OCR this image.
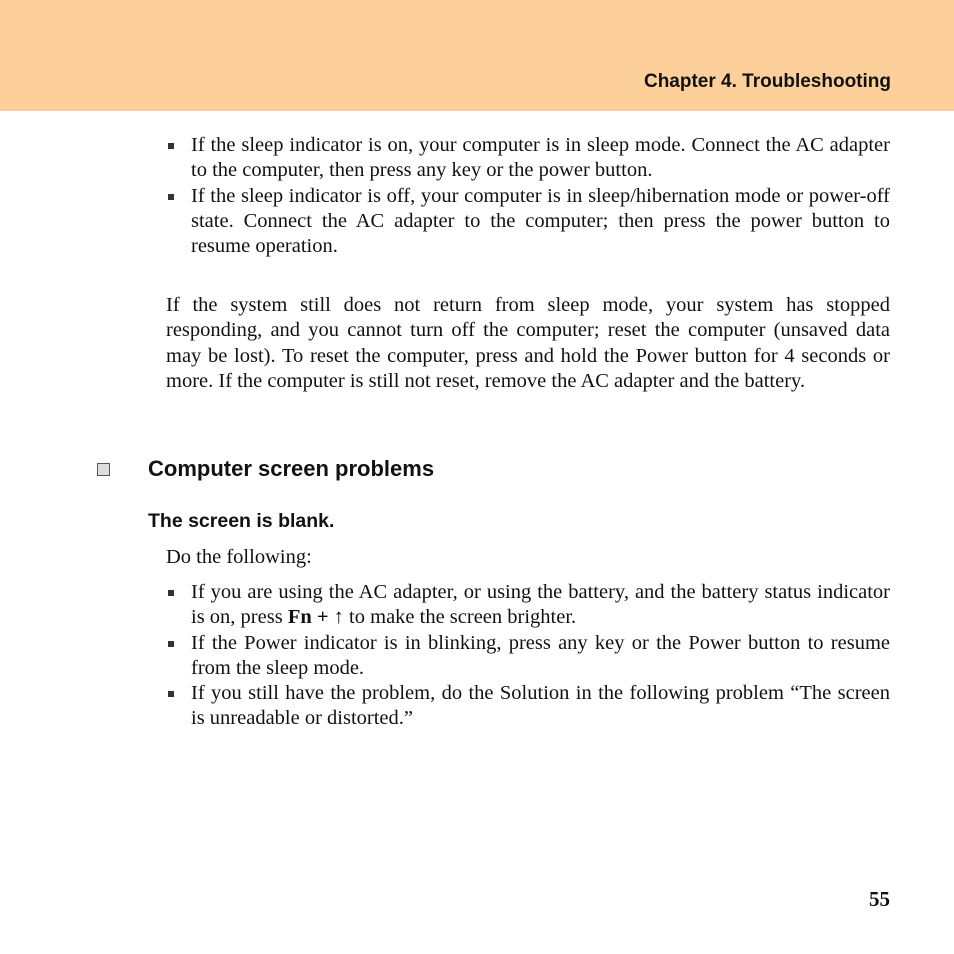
Chapter 4. Troubleshooting
If the sleep indicator is on, your computer is in sleep mode. Connect the AC adapter to the computer, then press any key or the power button.
If the sleep indicator is off, your computer is in sleep/hibernation mode or power-off state. Connect the AC adapter to the computer; then press the power button to resume operation.

If the system still does not return from sleep mode, your system has stopped responding, and you cannot turn off the computer; reset the computer (unsaved data may be lost). To reset the computer, press and hold the Power button for 4 seconds or more. If the computer is still not reset, remove the AC adapter and the battery.

Computer screen problems
The screen is blank.

Do the following:

If you are using the AC adapter, or using the battery, and the battery status indicator is on, press Fn + ↑ to make the screen brighter.
If the Power indicator is in blinking, press any key or the Power button to resume from the sleep mode.
If you still have the problem, do the Solution in the following problem “The screen is unreadable or distorted.”
55
